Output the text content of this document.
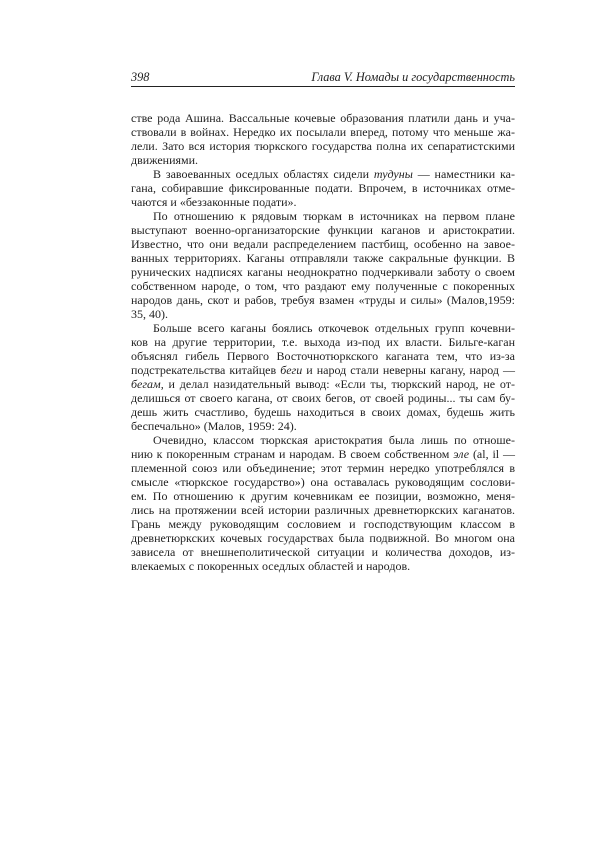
398	Глава V. Номады и государственность
стве рода Ашина. Вассальные кочевые образования платили дань и уча-
ствовали в войнах. Нередко их посылали вперед, потому что меньше жа-
лели. Зато вся история тюркского государства полна их сепаратистскими
движениями.
В завоеванных оседлых областях сидели тудуны — наместники ка-
гана, собиравшие фиксированные подати. Впрочем, в источниках отме-
чаются и «беззаконные подати».
По отношению к рядовым тюркам в источниках на первом плане
выступают военно-организаторские функции каганов и аристократии.
Известно, что они ведали распределением пастбищ, особенно на завое-
ванных территориях. Каганы отправляли также сакральные функции. В
рунических надписях каганы неоднократно подчеркивали заботу о своем
собственном народе, о том, что раздают ему полученные с покоренных
народов дань, скот и рабов, требуя взамен «труды и силы» (Малов,1959:
35, 40).
Больше всего каганы боялись откочевок отдельных групп кочевни-
ков на другие территории, т.е. выхода из-под их власти. Бильге-каган
объяснял гибель Первого Восточнотюркского каганата тем, что из-за
подстрекательства китайцев беги и народ стали неверны кагану, народ —
бегам, и делал назидательный вывод: «Если ты, тюркский народ, не от-
делишься от своего кагана, от своих бегов, от своей родины... ты сам бу-
дешь жить счастливо, будешь находиться в своих домах, будешь жить
беспечально» (Малов, 1959: 24).
Очевидно, классом тюркская аристократия была лишь по отноше-
нию к покоренным странам и народам. В своем собственном эле (al, il —
племенной союз или объединение; этот термин нередко употреблялся в
смысле «тюркское государство») она оставалась руководящим сослови-
ем. По отношению к другим кочевникам ее позиции, возможно, меня-
лись на протяжении всей истории различных древнетюркских каганатов.
Грань между руководящим сословием и господствующим классом в
древнетюркских кочевых государствах была подвижной. Во многом она
зависела от внешнеполитической ситуации и количества доходов, из-
влекаемых с покоренных оседлых областей и народов.
